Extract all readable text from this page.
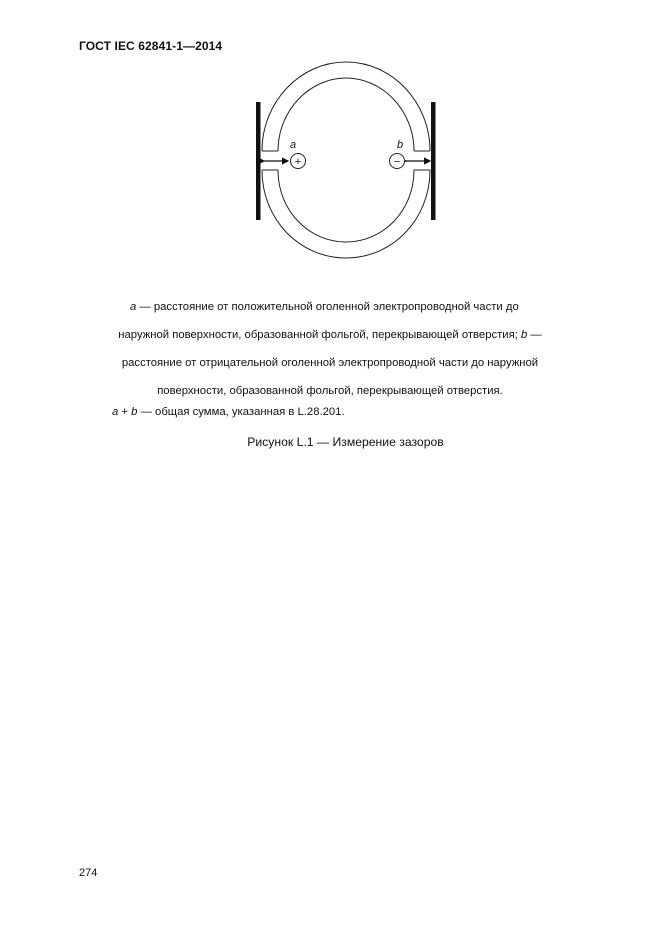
ГОСТ IEC 62841-1—2014
+	−
a	b
a — расстояние от положительной оголенной электропроводной части до
наружной поверхности, образованной фольгой, перекрывающей отверстия; b —
расстояние от отрицательной оголенной электропроводной части до наружной
поверхности, образованной фольгой, перекрывающей отверстия.
a + b — общая сумма, указанная в L.28.201.
Рисунок L.1 — Измерение зазоров
274
